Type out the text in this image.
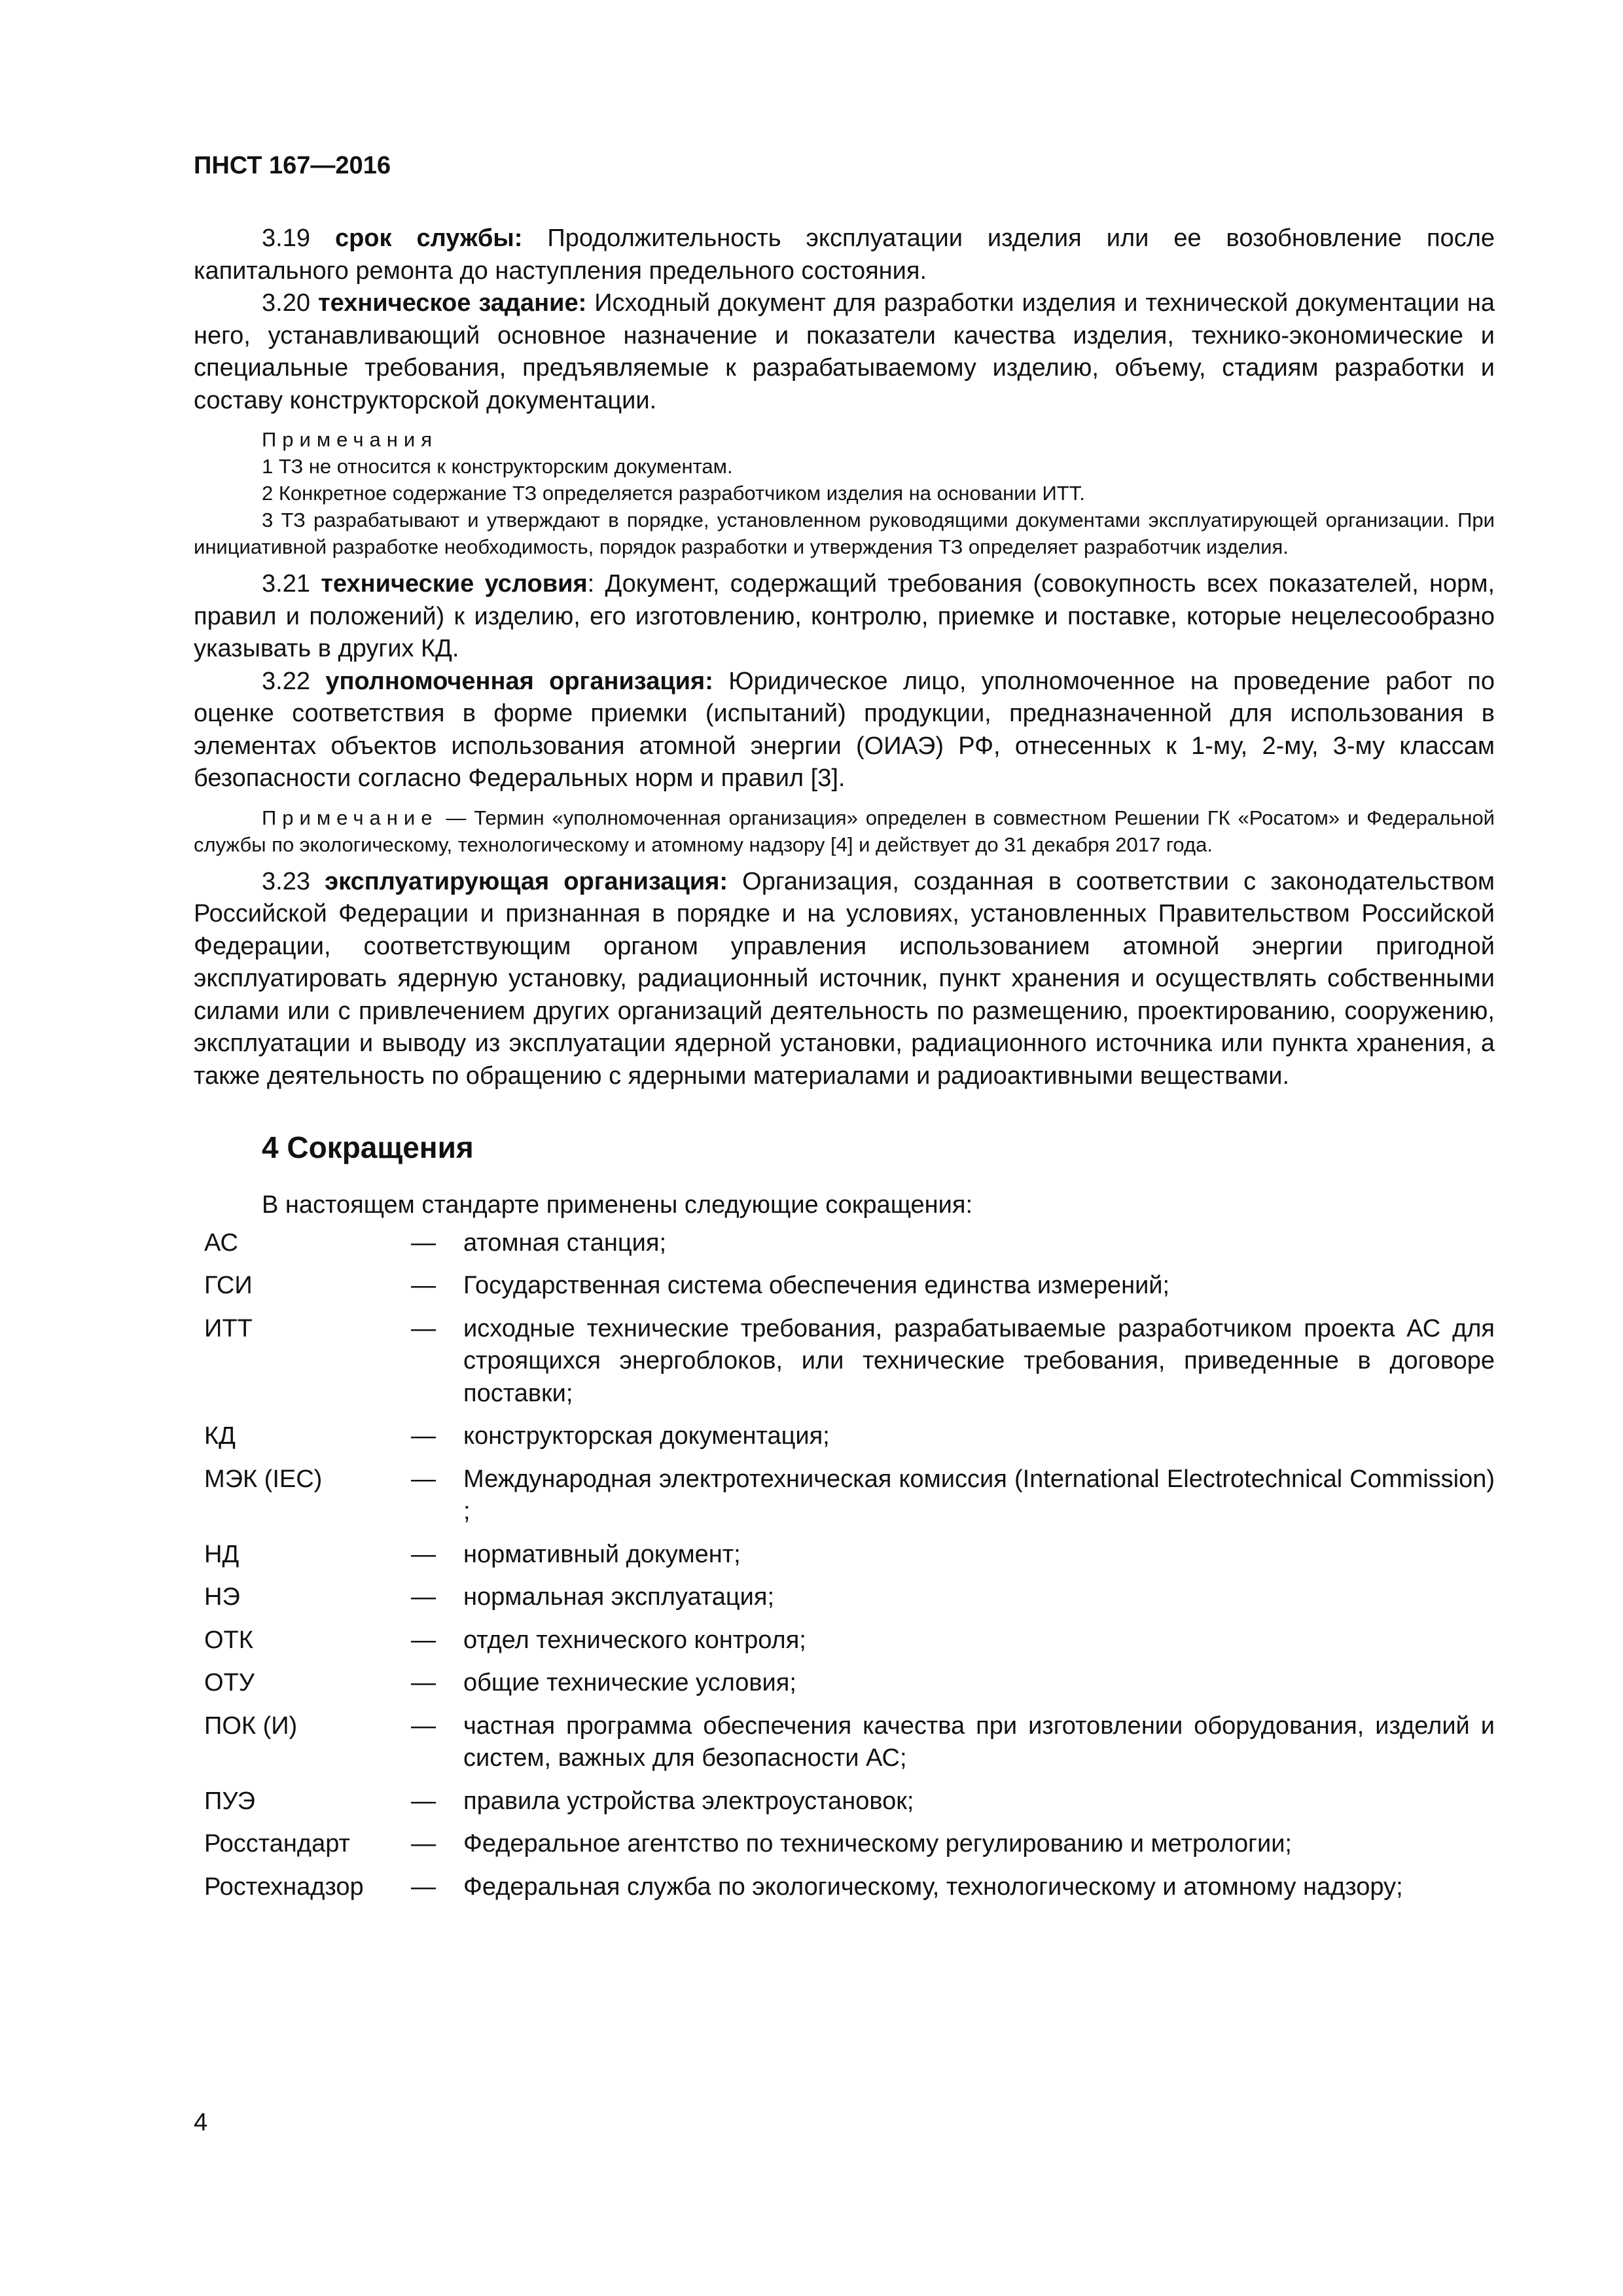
ПНСТ 167—2016

3.19 срок службы: Продолжительность эксплуатации изделия или ее возобновление после капитального ремонта до наступления предельного состояния.

3.20 техническое задание: Исходный документ для разработки изделия и технической документации на него, устанавливающий основное назначение и показатели качества изделия, технико-экономические и специальные требования, предъявляемые к разрабатываемому изделию, объему, стадиям разработки и составу конструкторской документации.

Примечания

1 ТЗ не относится к конструкторским документам.

2 Конкретное содержание ТЗ определяется разработчиком изделия на основании ИТТ.

3 ТЗ разрабатывают и утверждают в порядке, установленном руководящими документами эксплуатирующей организации. При инициативной разработке необходимость, порядок разработки и утверждения ТЗ определяет разработчик изделия.

3.21 технические условия: Документ, содержащий требования (совокупность всех показателей, норм, правил и положений) к изделию, его изготовлению, контролю, приемке и поставке, которые нецелесообразно указывать в других КД.

3.22 уполномоченная организация: Юридическое лицо, уполномоченное на проведение работ по оценке соответствия в форме приемки (испытаний) продукции, предназначенной для использования в элементах объектов использования атомной энергии (ОИАЭ) РФ, отнесенных к 1-му, 2-му, 3-му классам безопасности согласно Федеральных норм и правил [3].

Примечание — Термин «уполномоченная организация» определен в совместном Решении ГК «Росатом» и Федеральной службы по экологическому, технологическому и атомному надзору [4] и действует до 31 декабря 2017 года.

3.23 эксплуатирующая организация: Организация, созданная в соответствии с законодательством Российской Федерации и признанная в порядке и на условиях, установленных Правительством Российской Федерации, соответствующим органом управления использованием атомной энергии пригодной эксплуатировать ядерную установку, радиационный источник, пункт хранения и осуществлять собственными силами или с привлечением других организаций деятельность по размещению, проектированию, сооружению, эксплуатации и выводу из эксплуатации ядерной установки, радиационного источника или пункта хранения, а также деятельность по обращению с ядерными материалами и радиоактивными веществами.

4 Сокращения

В настоящем стандарте применены следующие сокращения:

АС	—	атомная станция;
ГСИ	—	Государственная система обеспечения единства измерений;
ИТТ	—	исходные технические требования, разрабатываемые разработчиком проекта АС для строящихся энергоблоков, или технические требования, приведенные в договоре поставки;
КД	—	конструкторская документация;
МЭК (IEC)	—	Международная электротехническая комиссия (International Electrotechnical Commission) ;
НД	—	нормативный документ;
НЭ	—	нормальная эксплуатация;
ОТК	—	отдел технического контроля;
ОТУ	—	общие технические условия;
ПОК (И)	—	частная программа обеспечения качества при изготовлении оборудования, изделий и систем, важных для безопасности АС;
ПУЭ	—	правила устройства электроустановок;
Росстандарт	—	Федеральное агентство по техническому регулированию и метрологии;
Ростехнадзор	—	Федеральная служба по экологическому, технологическому и атомному надзору;
4
